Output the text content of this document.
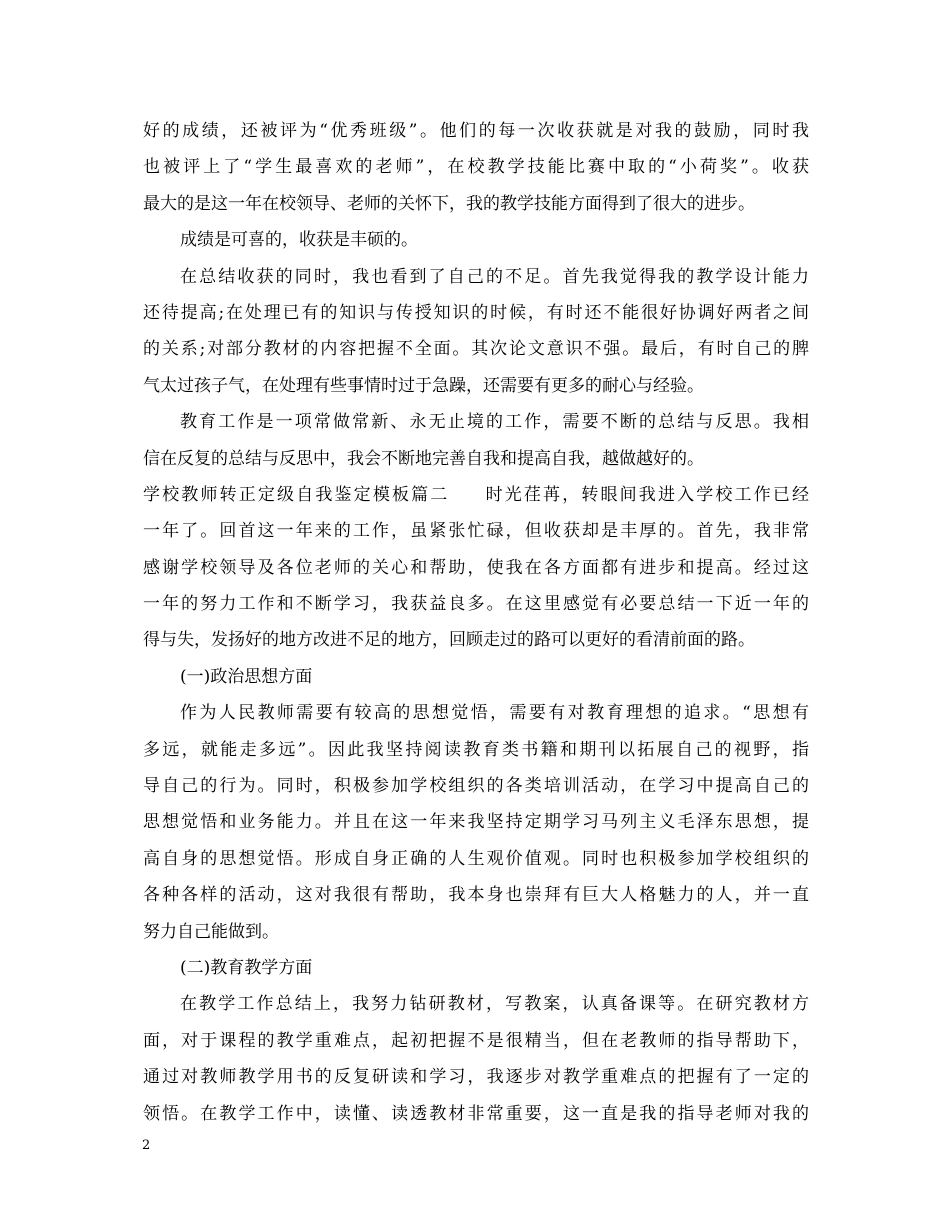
好的成绩，还被评为“优秀班级”。他们的每一次收获就是对我的鼓励，同时我
也被评上了“学生最喜欢的老师”，在校教学技能比赛中取的“小荷奖”。收获
最大的是这一年在校领导、老师的关怀下，我的教学技能方面得到了很大的进步。
成绩是可喜的，收获是丰硕的。
在总结收获的同时，我也看到了自己的不足。首先我觉得我的教学设计能力
还待提高;在处理已有的知识与传授知识的时候，有时还不能很好协调好两者之间
的关系;对部分教材的内容把握不全面。其次论文意识不强。最后，有时自己的脾
气太过孩子气，在处理有些事情时过于急躁，还需要有更多的耐心与经验。
教育工作是一项常做常新、永无止境的工作，需要不断的总结与反思。我相
信在反复的总结与反思中，我会不断地完善自我和提高自我，越做越好的。
学校教师转正定级自我鉴定模板篇二 时光荏苒，转眼间我进入学校工作已经
一年了。回首这一年来的工作，虽紧张忙碌，但收获却是丰厚的。首先，我非常
感谢学校领导及各位老师的关心和帮助，使我在各方面都有进步和提高。经过这
一年的努力工作和不断学习，我获益良多。在这里感觉有必要总结一下近一年的
得与失，发扬好的地方改进不足的地方，回顾走过的路可以更好的看清前面的路。
(一)政治思想方面
作为人民教师需要有较高的思想觉悟，需要有对教育理想的追求。“思想有
多远，就能走多远”。因此我坚持阅读教育类书籍和期刊以拓展自己的视野，指
导自己的行为。同时，积极参加学校组织的各类培训活动，在学习中提高自己的
思想觉悟和业务能力。并且在这一年来我坚持定期学习马列主义毛泽东思想，提
高自身的思想觉悟。形成自身正确的人生观价值观。同时也积极参加学校组织的
各种各样的活动，这对我很有帮助，我本身也崇拜有巨大人格魅力的人，并一直
努力自己能做到。
(二)教育教学方面
在教学工作总结上，我努力钻研教材，写教案，认真备课等。在研究教材方
面，对于课程的教学重难点，起初把握不是很精当，但在老教师的指导帮助下，
通过对教师教学用书的反复研读和学习，我逐步对教学重难点的把握有了一定的
领悟。在教学工作中，读懂、读透教材非常重要，这一直是我的指导老师对我的
2
